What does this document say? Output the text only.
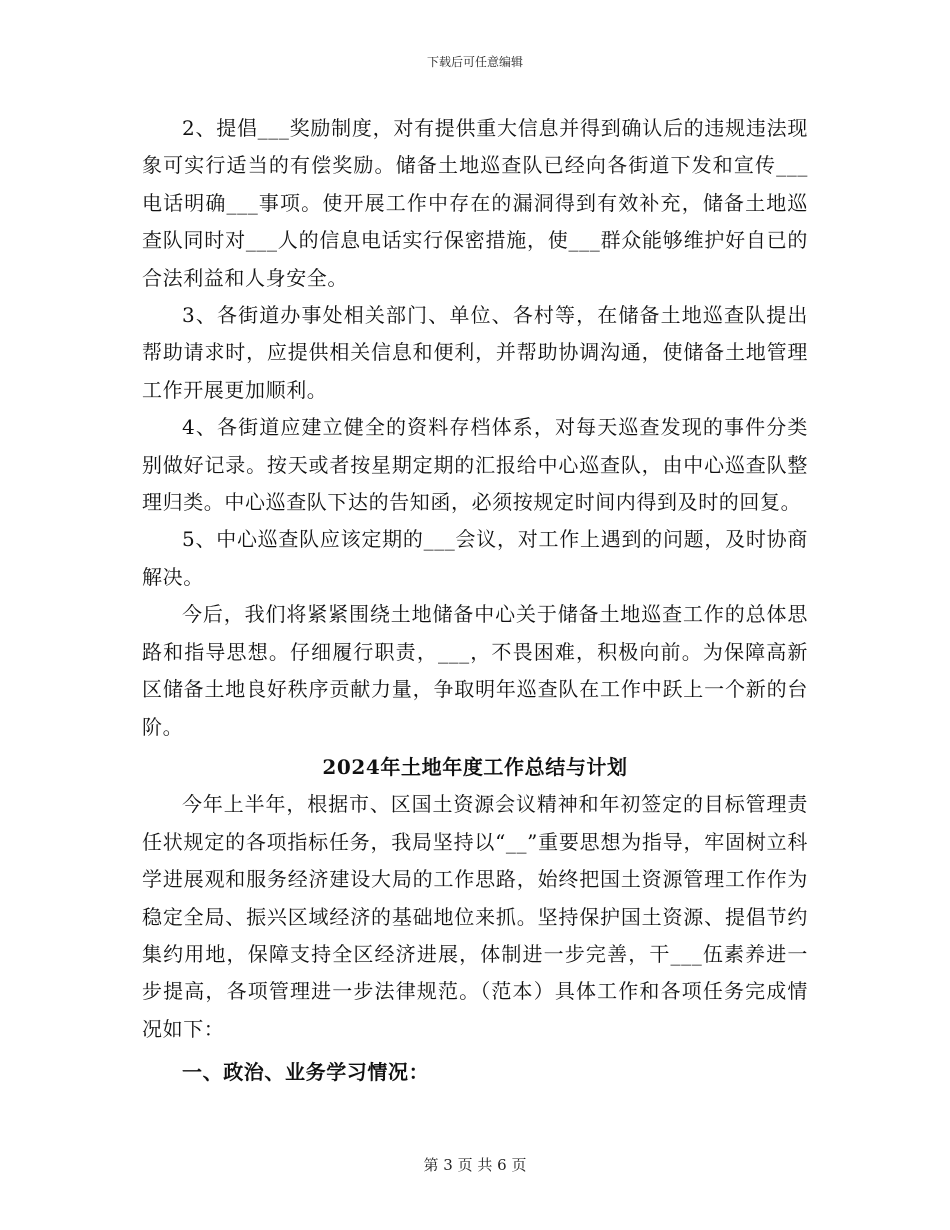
下载后可任意编辑

2、提倡___奖励制度，对有提供重大信息并得到确认后的违规违法现象可实行适当的有偿奖励。储备土地巡查队已经向各街道下发和宣传___电话明确___事项。使开展工作中存在的漏洞得到有效补充，储备土地巡查队同时对___人的信息电话实行保密措施，使___群众能够维护好自已的合法利益和人身安全。

3、各街道办事处相关部门、单位、各村等，在储备土地巡查队提出帮助请求时，应提供相关信息和便利，并帮助协调沟通，使储备土地管理工作开展更加顺利。

4、各街道应建立健全的资料存档体系，对每天巡查发现的事件分类别做好记录。按天或者按星期定期的汇报给中心巡查队，由中心巡查队整理归类。中心巡查队下达的告知函，必须按规定时间内得到及时的回复。

5、中心巡查队应该定期的___会议，对工作上遇到的问题，及时协商解决。

今后，我们将紧紧围绕土地储备中心关于储备土地巡查工作的总体思路和指导思想。仔细履行职责，___，不畏困难，积极向前。为保障高新区储备土地良好秩序贡献力量，争取明年巡查队在工作中跃上一个新的台阶。

2024年土地年度工作总结与计划

今年上半年，根据市、区国土资源会议精神和年初签定的目标管理责任状规定的各项指标任务，我局坚持以“__”重要思想为指导，牢固树立科学进展观和服务经济建设大局的工作思路，始终把国土资源管理工作作为稳定全局、振兴区域经济的基础地位来抓。坚持保护国土资源、提倡节约集约用地，保障支持全区经济进展，体制进一步完善，干___伍素养进一步提高，各项管理进一步法律规范。（范本）具体工作和各项任务完成情况如下：

一、政治、业务学习情况：

第 3 页 共 6 页
